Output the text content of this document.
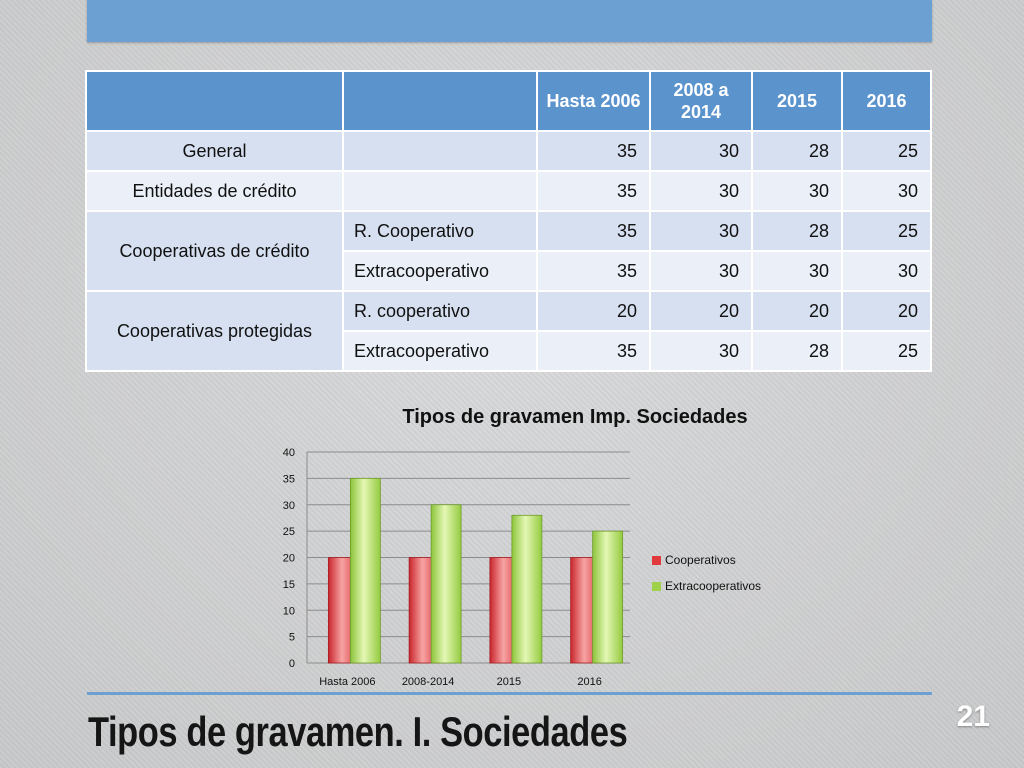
		Hasta 2006	2008 a 2014	2015	2016
General		35	30	28	25
Entidades de crédito		35	30	30	30
Cooperativas de crédito	R. Cooperativo	35	30	28	25
	Extracooperativo	35	30	30	30
Cooperativas protegidas	R. cooperativo	20	20	20	20
	Extracooperativo	35	30	28	25
Tipos de gravamen Imp. Sociedades
0
5
10
15
20
25
30
35
40
Hasta 2006 2008-2014	2015	2016
Cooperativos
Extracooperativos
Tipos de gravamen. I. Sociedades	21
